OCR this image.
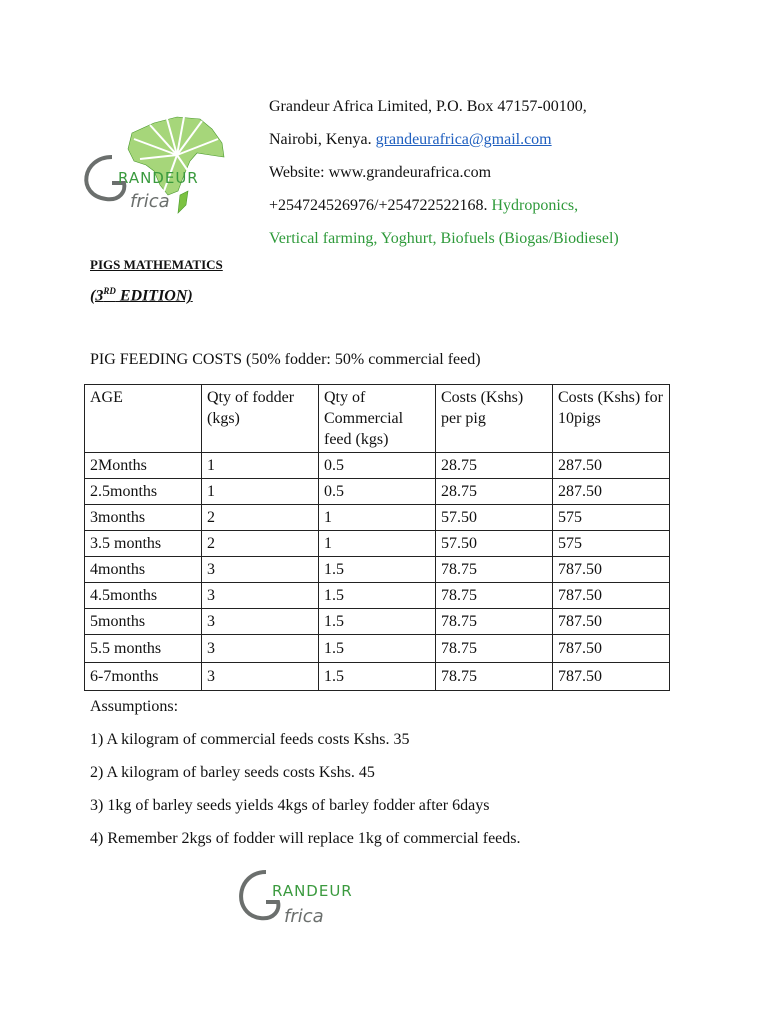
RANDEUR
frica
Grandeur Africa Limited, P.O. Box 47157-00100,
Nairobi, Kenya. grandeurafrica@gmail.com
Website: www.grandeurafrica.com
+254724526976/+254722522168. Hydroponics,
Vertical farming, Yoghurt, Biofuels (Biogas/Biodiesel)
PIGS MATHEMATICS
(3RD EDITION)
PIG FEEDING COSTS (50% fodder: 50% commercial feed)
AGE	Qty of fodder (kgs)	Qty of Commercial feed (kgs)	Costs (Kshs) per pig	Costs (Kshs) for 10pigs
2Months	1	0.5	28.75	287.50
2.5months	1	0.5	28.75	287.50
3months	2	1	57.50	575
3.5 months	2	1	57.50	575
4months	3	1.5	78.75	787.50
4.5months	3	1.5	78.75	787.50
5months	3	1.5	78.75	787.50
5.5 months	3	1.5	78.75	787.50
6-7months	3	1.5	78.75	787.50
Assumptions:
1) A kilogram of commercial feeds costs Kshs. 35
2) A kilogram of barley seeds costs Kshs. 45
3) 1kg of barley seeds yields 4kgs of barley fodder after 6days
4) Remember 2kgs of fodder will replace 1kg of commercial feeds.
RANDEUR
frica
